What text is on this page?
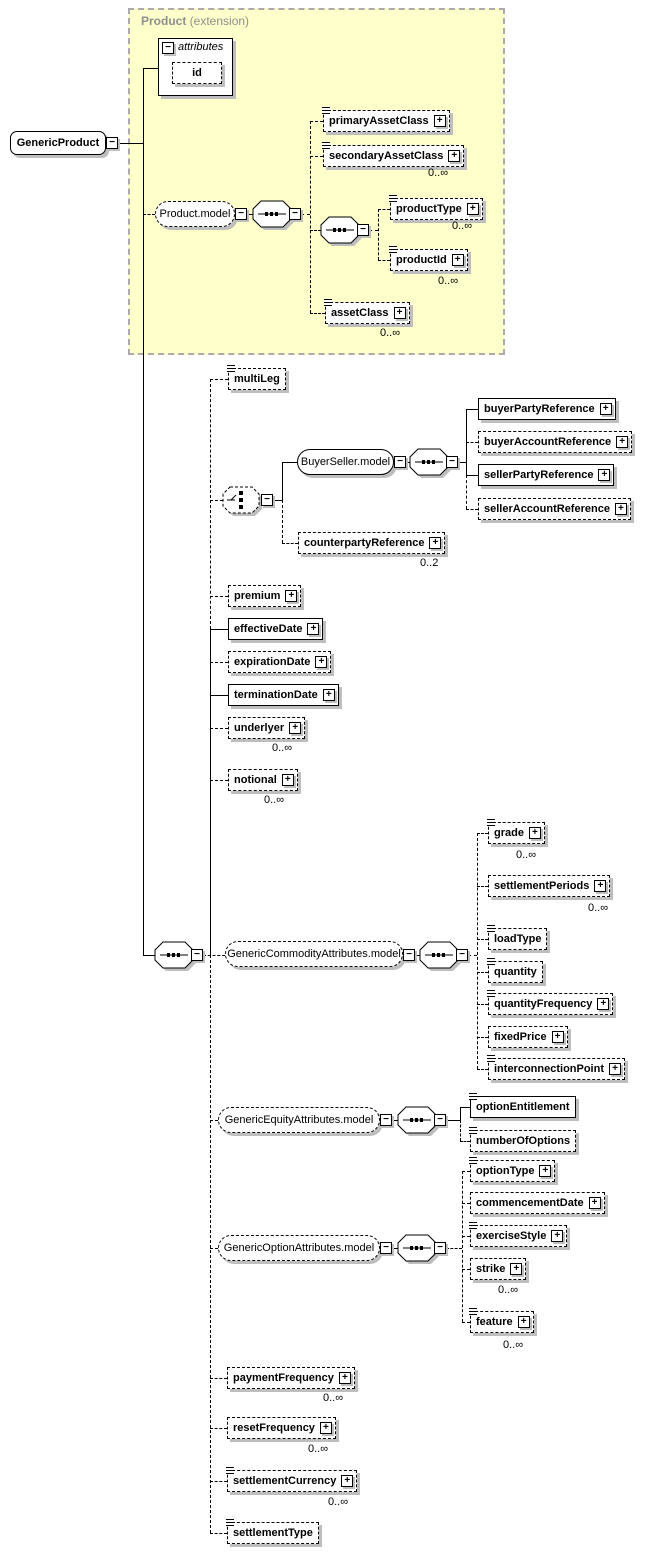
Product (extension)
GenericProduct −
− attributes
id
Product.model −	−
primaryAssetClass +
secondaryAssetClass +
0..∞
−
productType +
0..∞
productId +
0..∞
assetClass +
0..∞
multiLeg
−
BuyerSeller.model −	−
buyerPartyReference +
buyerAccountReference +
sellerPartyReference +
sellerAccountReference +
counterpartyReference +
0..2
premium +
effectiveDate +
expirationDate +
terminationDate +
underlyer +
0..∞
notional +
0..∞
− GenericCommodityAttributes.model −	−
grade +
0..∞
settlementPeriods +
0..∞
loadType
quantity
quantityFrequency +
fixedPrice +
interconnectionPoint +
GenericEquityAttributes.model −	−
optionEntitlement
numberOfOptions
GenericOptionAttributes.model −	−
optionType +
commencementDate +
exerciseStyle +
strike +
0..∞
feature +
0..∞
paymentFrequency +
0..∞
resetFrequency +
0..∞
settlementCurrency +
0..∞
settlementType
